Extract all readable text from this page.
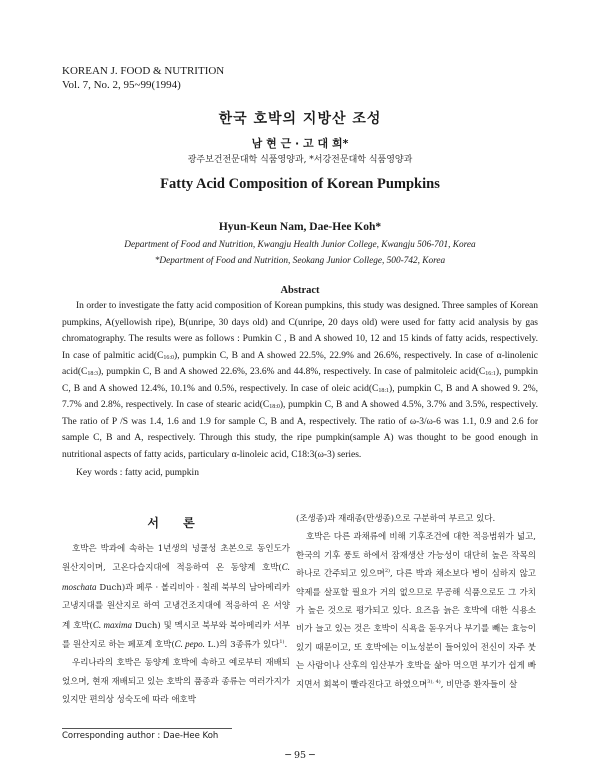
KOREAN J. FOOD & NUTRITION
Vol. 7, No. 2, 95~99(1994)
한국 호박의 지방산 조성
남 현 근 · 고 대 희*
광주보건전문대학 식품영양과, *서강전문대학 식품영양과
Fatty Acid Composition of Korean Pumpkins
Hyun-Keun Nam, Dae-Hee Koh*
Department of Food and Nutrition, Kwangju Health Junior College, Kwangju 506-701, Korea
*Department of Food and Nutrition, Seokang Junior College, 500-742, Korea
Abstract
In order to investigate the fatty acid composition of Korean pumpkins, this study was designed. Three samples of Korean pumpkins, A(yellowish ripe), B(unripe, 30 days old) and C(unripe, 20 days old) were used for fatty acid analysis by gas chromatography. The results were as follows : Pumkin C , B and A showed 10, 12 and 15 kinds of fatty acids, respectively. In case of palmitic $acid(C_{16:0})$, pumpkin C, B and A showed 22.5%, 22.9% and 26.6%, respectively. In case of α-linolenic $acid(C_{18:3})$, pumpkin C, B and A showed 22.6%, 23.6% and 44.8%, respectively. In case of palmitoleic $acid(C_{16:1})$, pumpkin C, B and A showed 12.4%, 10.1% and 0.5%, respectively. In case of oleic $acid(C_{18:1})$, pumpkin C, B and A showed 9. 2%, 7.7% and 2.8%, respectively. In case of stearic $acid(C_{18:0})$, pumpkin C, B and A showed 4.5%, 3.7% and 3.5%, respectively. The ratio of P /S was 1.4, 1.6 and 1.9 for sample C, B and A, respectively. The ratio of ω-3/ω-6 was 1.1, 0.9 and 2.6 for sample C, B and A, respectively. Through this study, the ripe pumpkin(sample A) was thought to be good enough in nutritional aspects of fatty acids, particulary α-linoleic acid, C18:3(ω-3) series.
Key words : fatty acid, pumpkin
서 론

호박은 박과에 속하는 1년생의 넝쿨성 초본으로 동인도가 원산지이며, 고온다습지대에 적응하여 온 동양계 호박(C. moschata Duch)과 페루 · 볼리비아 · 칠레 북부의 남아메리카 고냉지대를 원산지로 하여 고냉건조지대에 적응하여 온 서양계 호박(C. maxima Duch) 및 멕시코 북부와 북아메리카 서부를 원산지로 하는 페포계 호박(C. pepo. L.)의 3종류가 있다$^{1)}$.

우리나라의 호박은 동양계 호박에 속하고 예로부터 재배되었으며, 현재 재배되고 있는 호박의 품종과 종류는 여러가지가 있지만 편의상 성숙도에 따라 애호박

(조생종)과 재래종(만생종)으로 구분하여 부르고 있다.

호박은 다른 과채류에 비해 기후조건에 대한 적응범위가 넓고, 한국의 기후 풍토 하에서 잠재생산 가능성이 대단히 높은 작목의 하나로 간주되고 있으며$^{2)}$, 다른 박과 채소보다 병이 심하지 않고 약제를 살포할 필요가 거의 없으므로 무공해 식품으로도 그 가치가 높은 것으로 평가되고 있다. 요즈음 늙은 호박에 대한 식용소비가 늘고 있는 것은 호박이 식욕을 돋우거나 부기를 빼는 효능이 있기 때문이고, 또 호박에는 이뇨성분이 들어있어 전신이 자주 붓는 사람이나 산후의 임산부가 호박을 삶아 먹으면 부기가 쉽게 빠지면서 회복이 빨라진다고 하였으며$^{3), 4)}$, 비만증 환자들이 살

Corresponding author : Dae-Hee Koh
─ 95 ─
